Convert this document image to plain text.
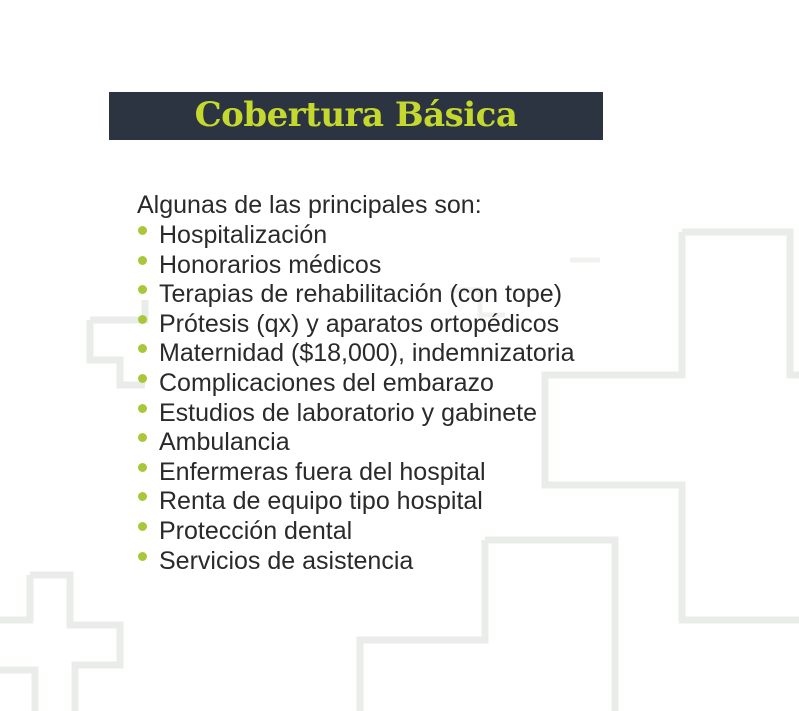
Cobertura Básica
Algunas de las principales son:
Hospitalización
Honorarios médicos
Terapias de rehabilitación (con tope)
Prótesis (qx) y aparatos ortopédicos
Maternidad ($18,000), indemnizatoria
Complicaciones del embarazo
Estudios de laboratorio y gabinete
Ambulancia
Enfermeras fuera del hospital
Renta de equipo tipo hospital
Protección dental
Servicios de asistencia
